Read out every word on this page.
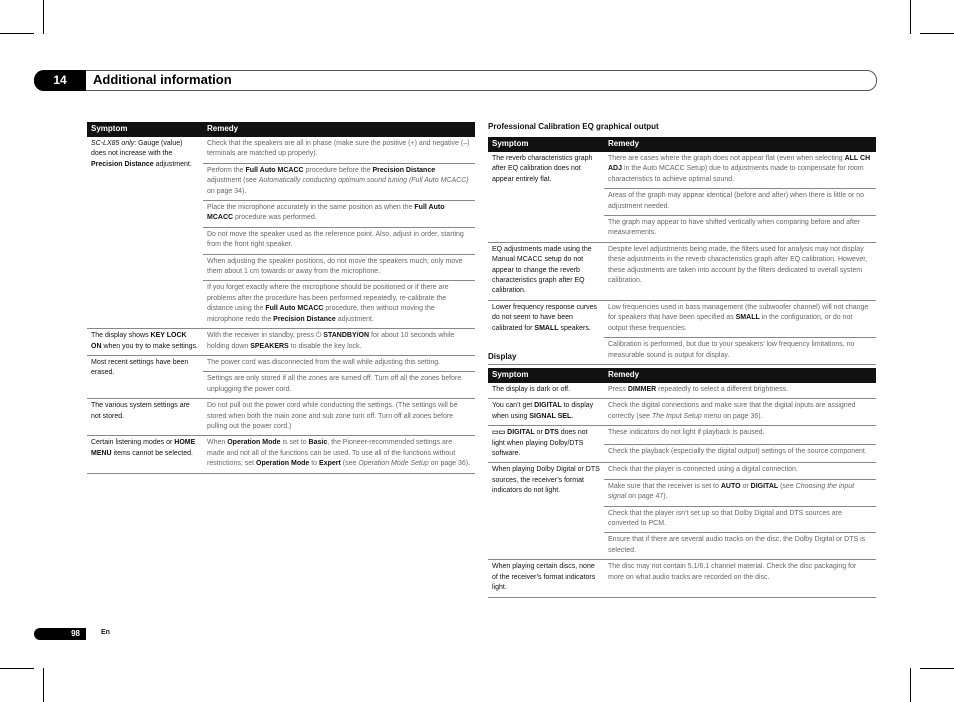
14	Additional information
Symptom	Remedy
SC-LX85 only: Gauge (value) does not increase with the Precision Distance adjustment.	Check that the speakers are all in phase (make sure the positive (+) and negative (–) terminals are matched up properly).
	Perform the Full Auto MCACC procedure before the Precision Distance adjustment (see Automatically conducting optimum sound tuning (Full Auto MCACC) on page 34).
	Place the microphone accurately in the same position as when the Full Auto MCACC procedure was performed.
	Do not move the speaker used as the reference point. Also, adjust in order, starting from the front right speaker.
	When adjusting the speaker positions, do not move the speakers much; only move them about 1 cm towards or away from the microphone.
	If you forget exactly where the microphone should be positioned or if there are problems after the procedure has been performed repeatedly, re-calibrate the distance using the Full Auto MCACC procedure, then without moving the microphone redo the Precision Distance adjustment.
The display shows KEY LOCK ON when you try to make settings.	With the receiver in standby, press ⏻ STANDBY/ON for about 10 seconds while holding down SPEAKERS to disable the key lock.
Most recent settings have been erased.	The power cord was disconnected from the wall while adjusting this setting.
	Settings are only stored if all the zones are turned off. Turn off all the zones before unplugging the power cord.
The various system settings are not stored.	Do not pull out the power cord while conducting the settings. (The settings will be stored when both the main zone and sub zone turn off. Turn off all zones before pulling out the power cord.)
Certain listening modes or HOME MENU items cannot be selected.	When Operation Mode is set to Basic, the Pioneer-recommended settings are made and not all of the functions can be used. To use all of the functions without restrictions, set Operation Mode to Expert (see Operation Mode Setup on page 36).
Professional Calibration EQ graphical output
Symptom	Remedy
The reverb characteristics graph after EQ calibration does not appear entirely flat.	There are cases where the graph does not appear flat (even when selecting ALL CH ADJ in the Auto MCACC Setup) due to adjustments made to compensate for room characteristics to achieve optimal sound.
	Areas of the graph may appear identical (before and after) when there is little or no adjustment needed.
	The graph may appear to have shifted vertically when comparing before and after measurements.
EQ adjustments made using the Manual MCACC setup do not appear to change the reverb characteristics graph after EQ calibration.	Despite level adjustments being made, the filters used for analysis may not display these adjustments in the reverb characteristics graph after EQ calibration. However, these adjustments are taken into account by the filters dedicated to overall system calibration.
Lower frequency response curves do not seem to have been calibrated for SMALL speakers.	Low frequencies used in bass management (the subwoofer channel) will not change for speakers that have been specified as SMALL in the configuration, or do not output these frequencies.
	Calibration is performed, but due to your speakers’ low frequency limitations, no measurable sound is output for display.
Display
Symptom	Remedy
The display is dark or off.	Press DIMMER repeatedly to select a different brightness.
You can’t get DIGITAL to display when using SIGNAL SEL.	Check the digital connections and make sure that the digital inputs are assigned correctly (see The Input Setup menu on page 36).
▭▭ DIGITAL or DTS does not light when playing Dolby/DTS software.	These indicators do not light if playback is paused.
	Check the playback (especially the digital output) settings of the source component.
When playing Dolby Digital or DTS sources, the receiver’s format indicators do not light.	Check that the player is connected using a digital connection.
	Make sure that the receiver is set to AUTO or DIGITAL (see Choosing the input signal on page 47).
	Check that the player isn’t set up so that Dolby Digital and DTS sources are converted to PCM.
	Ensure that if there are several audio tracks on the disc, the Dolby Digital or DTS is selected.
When playing certain discs, none of the receiver’s format indicators light.	The disc may not contain 5.1/6.1 channel material. Check the disc packaging for more on what audio tracks are recorded on the disc.
98	En
